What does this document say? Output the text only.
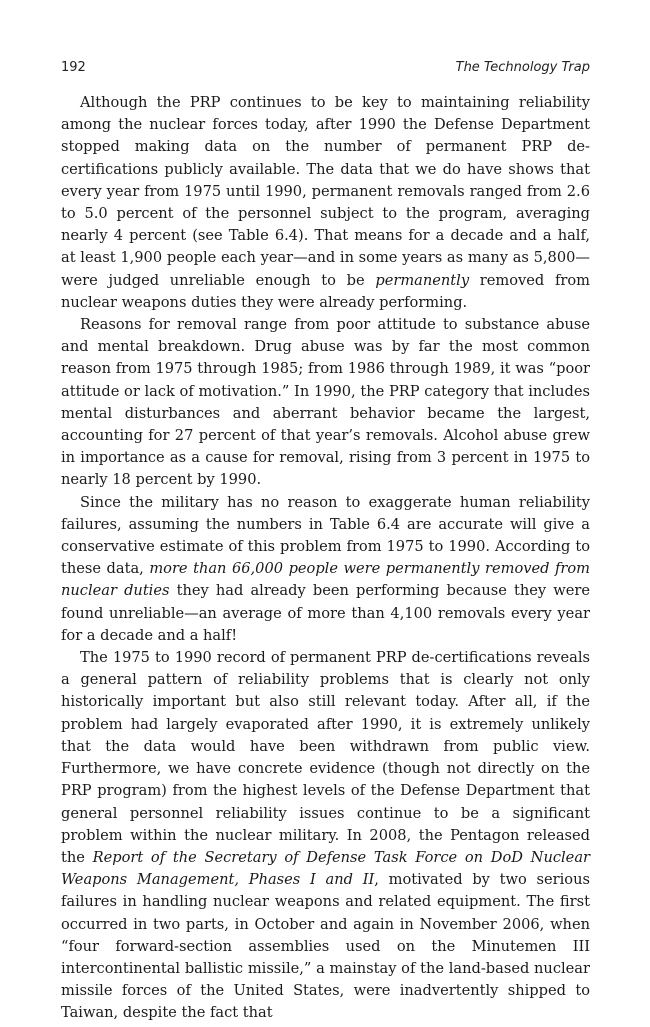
192	The Technology Trap

Although the PRP continues to be key to maintaining reliability among the nuclear forces today, after 1990 the Defense Department stopped making data on the number of permanent PRP de-certifications publicly available. The data that we do have shows that every year from 1975 until 1990, permanent removals ranged from 2.6 to 5.0 percent of the personnel subject to the program, averaging nearly 4 percent (see Table 6.4). That means for a decade and a half, at least 1,900 people each year—and in some years as many as 5,800—were judged unreliable enough to be permanently removed from nuclear weapons duties they were already performing.

Reasons for removal range from poor attitude to substance abuse and mental breakdown. Drug abuse was by far the most common reason from 1975 through 1985; from 1986 through 1989, it was “poor attitude or lack of motivation.” In 1990, the PRP category that includes mental disturbances and aberrant behavior became the largest, accounting for 27 percent of that year’s removals. Alcohol abuse grew in importance as a cause for removal, rising from 3 percent in 1975 to nearly 18 percent by 1990.

Since the military has no reason to exaggerate human reliability failures, assuming the numbers in Table 6.4 are accurate will give a conservative estimate of this problem from 1975 to 1990. According to these data, more than 66,000 people were permanently removed from nuclear duties they had already been performing because they were found unreliable—an average of more than 4,100 removals every year for a decade and a half!

The 1975 to 1990 record of permanent PRP de-certifications reveals a general pattern of reliability problems that is clearly not only historically important but also still relevant today. After all, if the problem had largely evaporated after 1990, it is extremely unlikely that the data would have been withdrawn from public view. Furthermore, we have concrete evidence (though not directly on the PRP program) from the highest levels of the Defense Department that general personnel reliability issues continue to be a significant problem within the nuclear military. In 2008, the Pentagon released the Report of the Secretary of Defense Task Force on DoD Nuclear Weapons Management, Phases I and II, motivated by two serious failures in handling nuclear weapons and related equipment. The first occurred in two parts, in October and again in November 2006, when “four forward-section assemblies used on the Minutemen III intercontinental ballistic missile,” a mainstay of the land-based nuclear missile forces of the United States, were inadvertently shipped to Taiwan, despite the fact that
